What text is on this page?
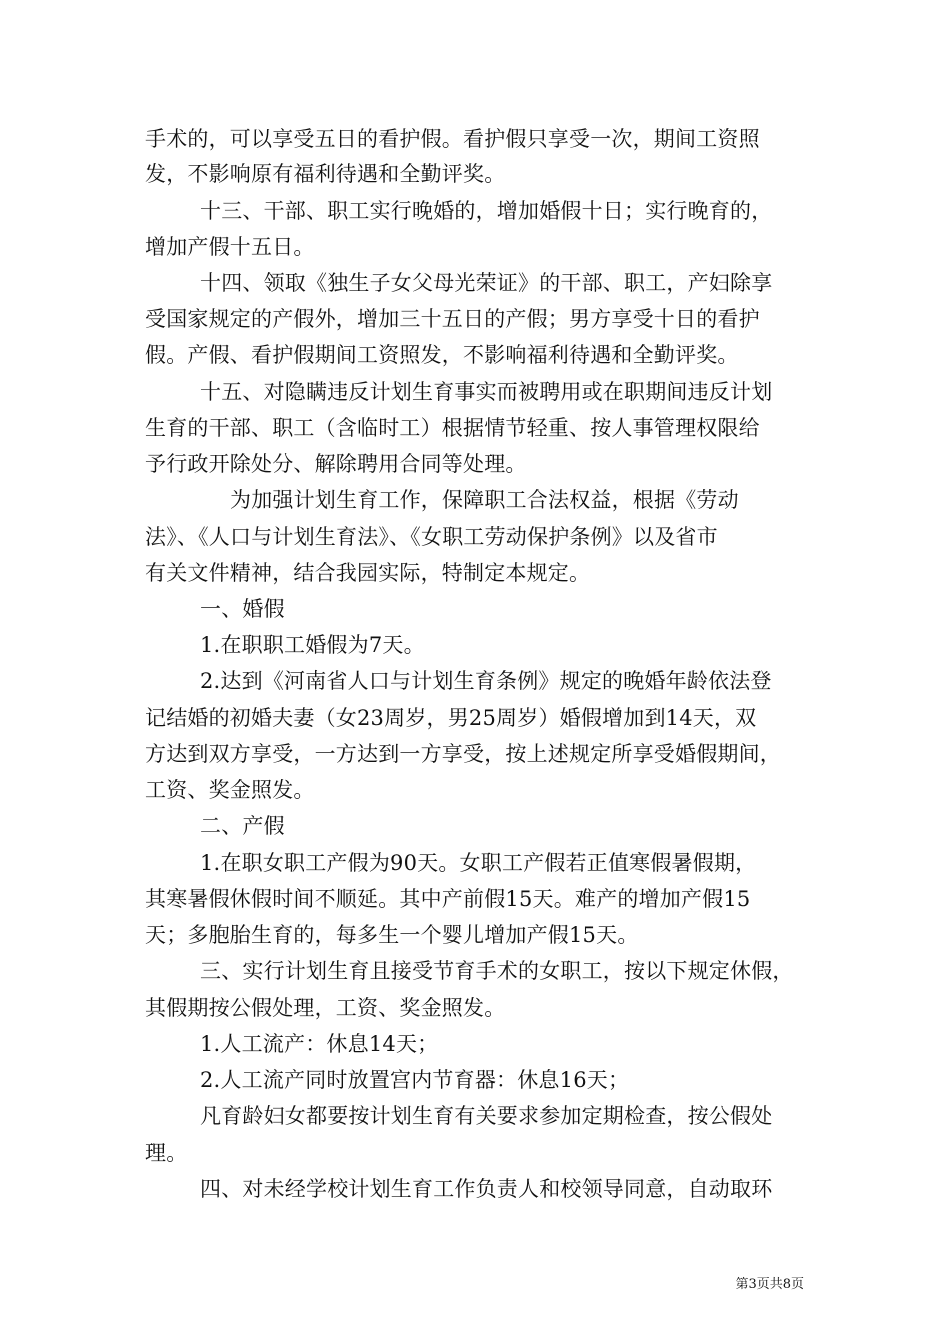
手术的，可以享受五日的看护假。看护假只享受一次，期间工资照
发，不影响原有福利待遇和全勤评奖。
十三、干部、职工实行晚婚的，增加婚假十日；实行晚育的，
增加产假十五日。
十四、领取《独生子女父母光荣证》的干部、职工，产妇除享
受国家规定的产假外，增加三十五日的产假；男方享受十日的看护
假。产假、看护假期间工资照发，不影响福利待遇和全勤评奖。
十五、对隐瞒违反计划生育事实而被聘用或在职期间违反计划
生育的干部、职工（含临时工）根据情节轻重、按人事管理权限给
予行政开除处分、解除聘用合同等处理。
为加强计划生育工作，保障职工合法权益，根据《劳动
法》、《人口与计划生育法》、《女职工劳动保护条例》以及省市
有关文件精神，结合我园实际，特制定本规定。
一、婚假
1.在职职工婚假为7天。
2.达到《河南省人口与计划生育条例》规定的晚婚年龄依法登
记结婚的初婚夫妻（女23周岁，男25周岁）婚假增加到14天，双
方达到双方享受，一方达到一方享受，按上述规定所享受婚假期间，
工资、奖金照发。
二、产假
1.在职女职工产假为90天。女职工产假若正值寒假暑假期，
其寒暑假休假时间不顺延。其中产前假15天。难产的增加产假15
天；多胞胎生育的，每多生一个婴儿增加产假15天。
三、实行计划生育且接受节育手术的女职工，按以下规定休假，
其假期按公假处理，工资、奖金照发。
1.人工流产：休息14天；
2.人工流产同时放置宫内节育器：休息16天；
凡育龄妇女都要按计划生育有关要求参加定期检查，按公假处
理。
四、对未经学校计划生育工作负责人和校领导同意，自动取环
第3页共8页
